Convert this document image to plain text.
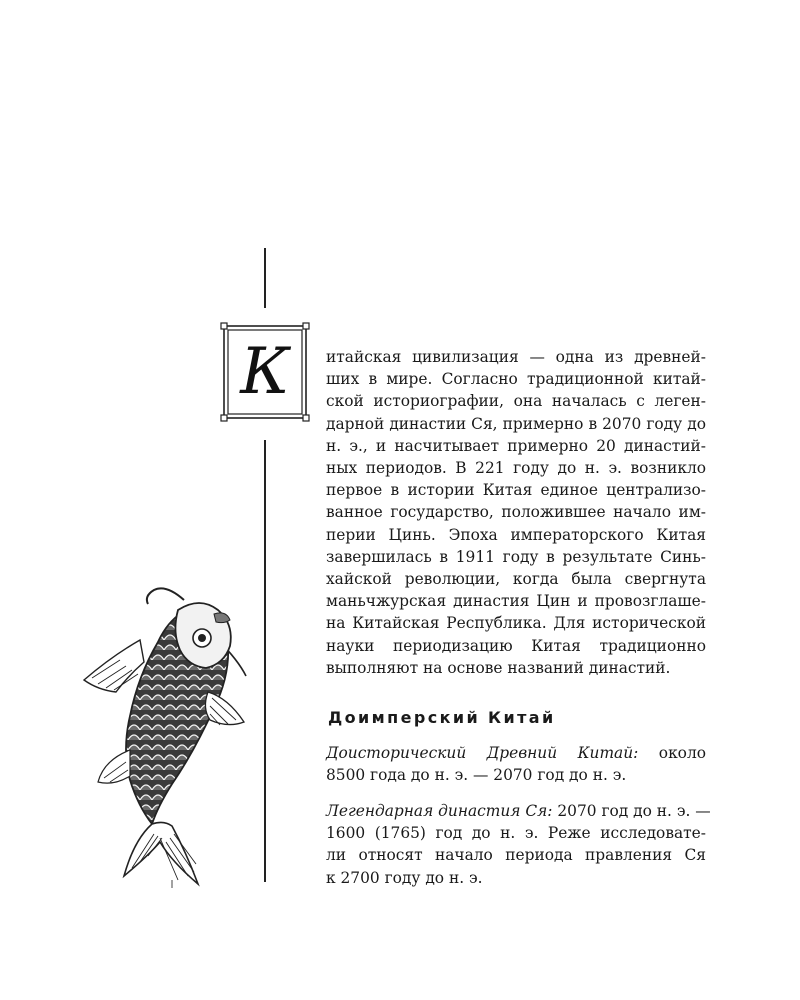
К	итайская цивилизация — одна из древней-
ших в мире. Согласно традиционной китай-
ской историографии, она началась с леген-
дарной династии Ся, примерно в 2070 году до
н. э., и насчитывает примерно 20 династий-
ных периодов. В 221 году до н. э. возникло
первое в истории Китая единое централизо-
ванное государство, положившее начало им-
перии Цинь. Эпоха императорского Китая
завершилась в 1911 году в результате Синь-
хайской революции, когда была свергнута
маньчжурская династия Цин и провозглаше-
на Китайская Республика. Для исторической
науки периодизацию Китая традиционно
выполняют на основе названий династий.
Доимперский Китай
Доисторический Древний Китай: около
8500 года до н. э. — 2070 год до н. э.
Легендарная династия Ся: 2070 год до н. э. —
1600 (1765) год до н. э. Реже исследовате-
ли относят начало периода правления Ся
к 2700 году до н. э.
